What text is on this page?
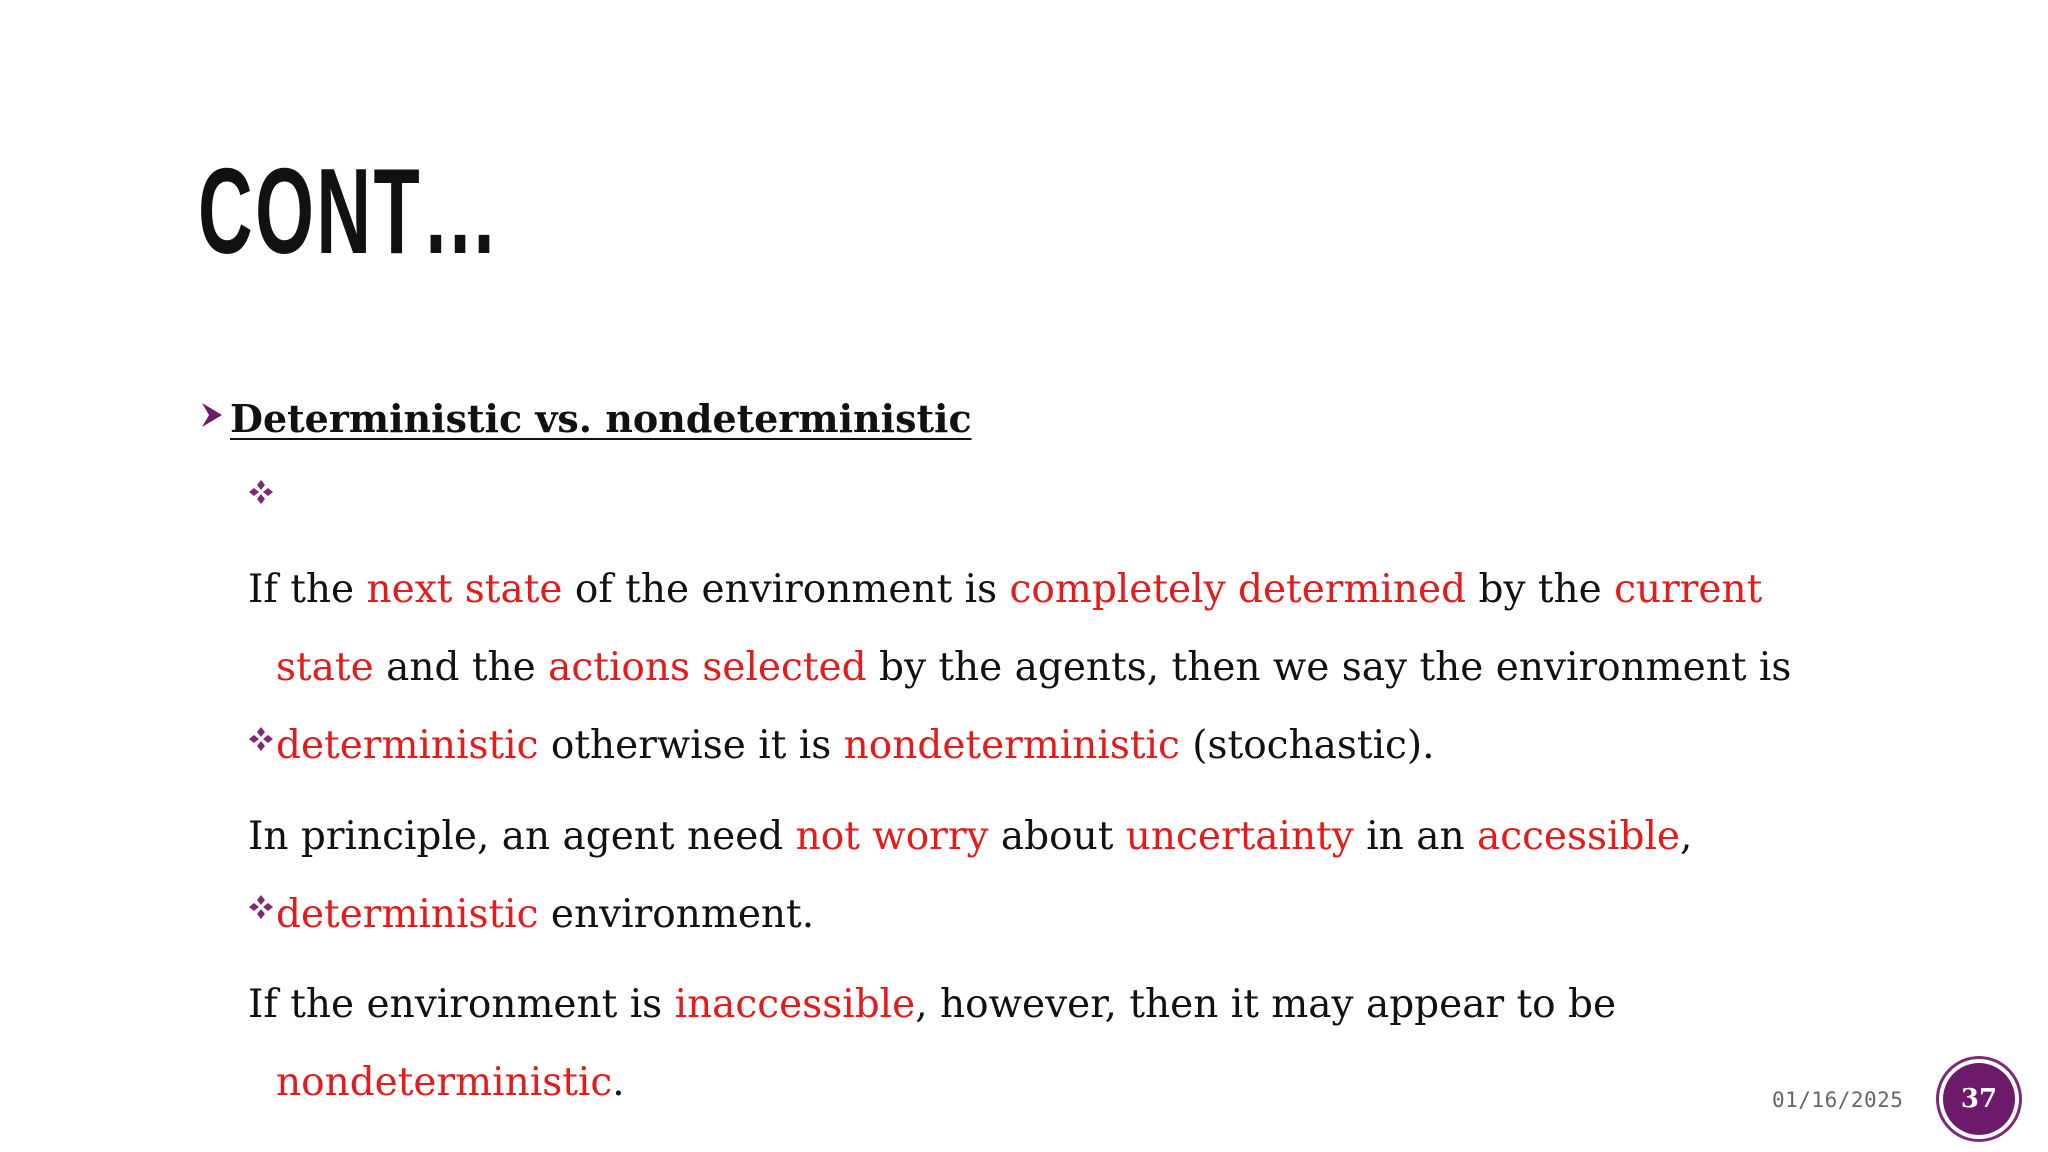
CONT…
Deterministic vs. nondeterministic
If the next state of the environment is completely determined by the current
state and the actions selected by the agents, then we say the environment is
deterministic otherwise it is nondeterministic (stochastic).
In principle, an agent need not worry about uncertainty in an accessible,
deterministic environment.
If the environment is inaccessible, however, then it may appear to be
nondeterministic.	01/16/2025 37
